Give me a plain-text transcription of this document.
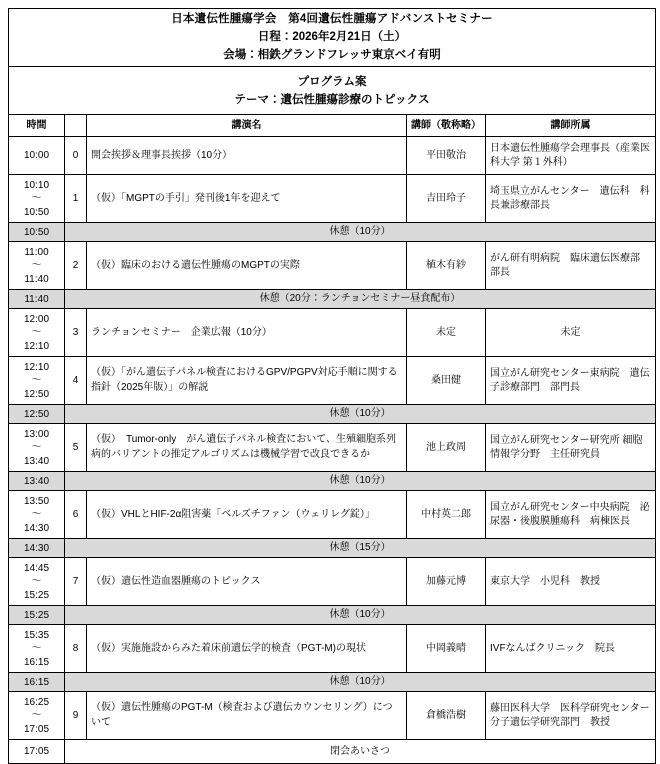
日本遺伝性腫瘍学会　第4回遺伝性腫瘍アドバンストセミナー
日程：2026年2月21日（土）
会場：相鉄グランドフレッサ東京ベイ有明				

プログラム案
テーマ：遺伝性腫瘍診療のトピックス				

時間		講演名	講師（敬称略）	講師所属

10:00	0	開会挨拶＆理事長挨拶（10分）	平田敬治	日本遺伝性腫瘍学会理事長（産業医科大学 第１外科）

10:10
～
10:50	1	（仮）「MGPTの手引」発刊後1年を迎えて	吉田玲子	埼玉県立がんセンター　遺伝科　科長兼診療部長

10:50	休憩（10分）			

11:00
～
11:40	2	（仮）臨床のおける遺伝性腫瘍のMGPTの実際	植木有紗	がん研有明病院　臨床遺伝医療部　部長

11:40	休憩（20分：ランチョンセミナー昼食配布）			

12:00
～
12:10	3	ランチョンセミナー　企業広報（10分）	未定	未定

12:10
～
12:50	4	（仮）「がん遺伝子パネル検査におけるGPV/PGPV対応手順に関する指針（2025年版）」の解説	桑田健	国立がん研究センター東病院　遺伝子診療部門　部門長

12:50	休憩（10分）			

13:00
～
13:40	5	（仮）　Tumor-only　がん遺伝子パネル検査において、生殖細胞系列病的バリアントの推定アルゴリズムは機械学習で改良できるか	池上政周	国立がん研究センター研究所 細胞情報学分野　主任研究員

13:40	休憩（10分）			

13:50
～
14:30	6	（仮）VHLとHIF-2α阻害薬「ベルズチファン（ウェリレグ錠）」	中村英二郎	国立がん研究センター中央病院　泌尿器・後腹膜腫瘍科　病棟医長

14:30	休憩（15分）			

14:45
～
15:25	7	（仮）遺伝性造血器腫瘍のトピックス	加藤元博	東京大学　小児科　教授

15:25	休憩（10分）			

15:35
～
16:15	8	（仮）実施施設からみた着床前遺伝学的検査（PGT-M)の現状	中岡義晴	IVFなんばクリニック　院長

16:15	休憩（10分）			

16:25
～
17:05	9	（仮）遺伝性腫瘍のPGT-M（検査および遺伝カウンセリング）について	倉橋浩樹	藤田医科大学　医科学研究センター　分子遺伝学研究部門　教授

17:05	閉会あいさつ			
